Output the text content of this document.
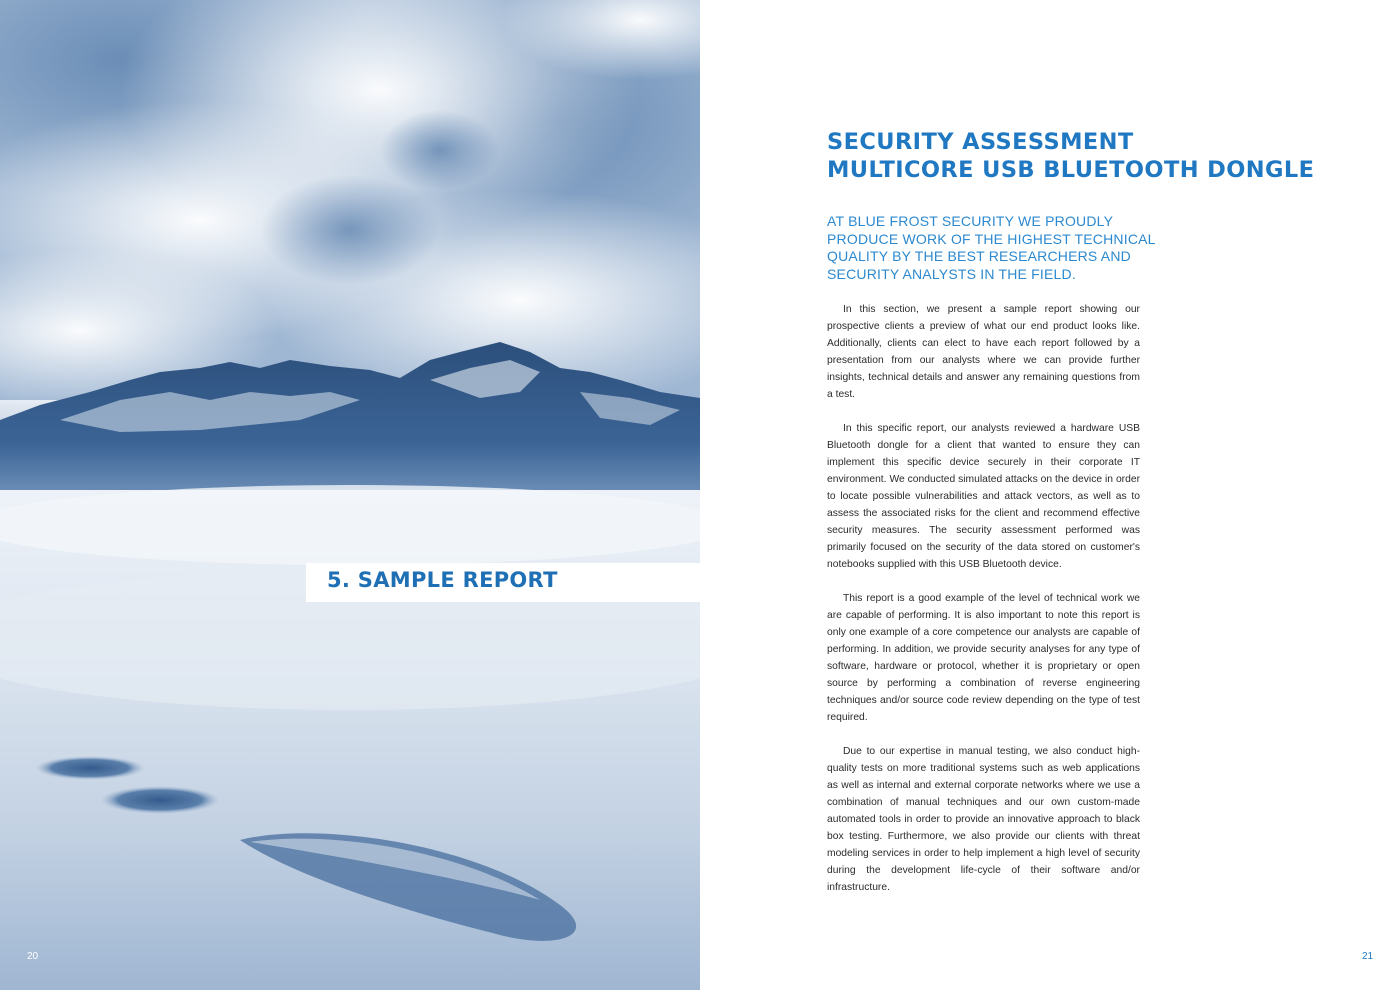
5. SAMPLE REPORT
20
SECURITY ASSESSMENT
MULTICORE USB BLUETOOTH DONGLE
AT BLUE FROST SECURITY WE PROUDLY
PRODUCE WORK OF THE HIGHEST TECHNICAL
QUALITY BY THE BEST RESEARCHERS AND
SECURITY ANALYSTS IN THE FIELD.

In this section, we present a sample report showing our prospective clients a preview of what our end product looks like. Additionally, clients can elect to have each report followed by a presentation from our analysts where we can provide further insights, technical details and answer any remaining questions from a test.

In this specific report, our analysts reviewed a hardware USB Bluetooth dongle for a client that wanted to ensure they can implement this specific device securely in their corporate IT environment. We conducted simulated attacks on the device in order to locate possible vulnerabilities and attack vectors, as well as to assess the associated risks for the client and recommend effective security measures. The security assessment performed was primarily focused on the security of the data stored on customer's notebooks supplied with this USB Bluetooth device.

This report is a good example of the level of technical work we are capable of performing. It is also important to note this report is only one example of a core competence our analysts are capable of performing. In addition, we provide security analyses for any type of software, hardware or protocol, whether it is proprietary or open source by performing a combination of reverse engineering techniques and/or source code review depending on the type of test required.

Due to our expertise in manual testing, we also conduct high-quality tests on more traditional systems such as web applications as well as internal and external corporate networks where we use a combination of manual techniques and our own custom-made automated tools in order to provide an innovative approach to black box testing. Furthermore, we also provide our clients with threat modeling services in order to help implement a high level of security during the development life-cycle of their software and/or infrastructure.

21
